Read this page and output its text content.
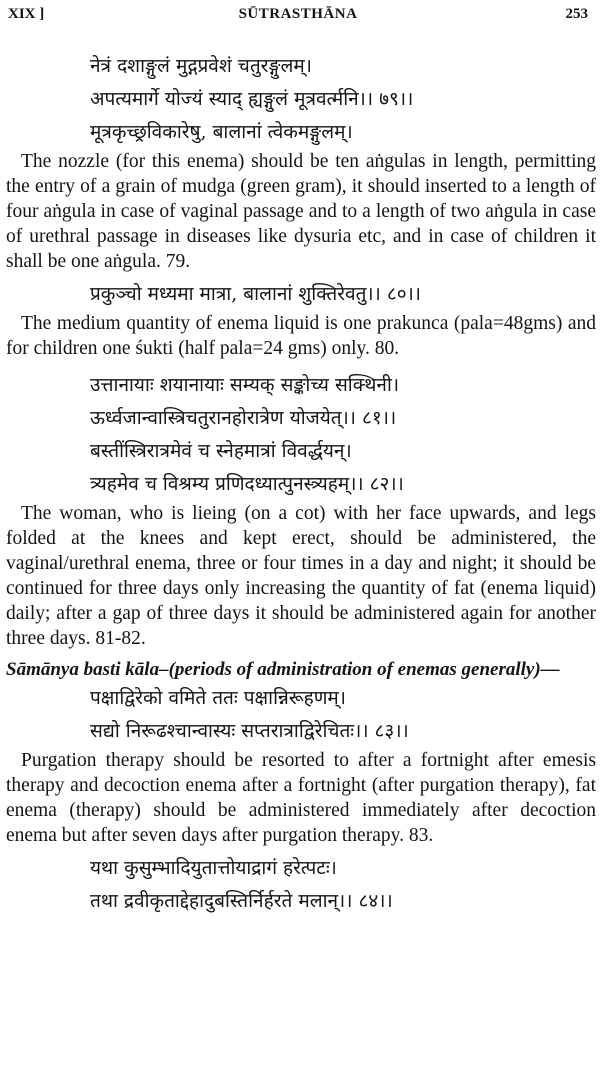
XIX ]	SŪTRASTHĀNA	253
नेत्रं दशाङ्गुलं मुद्गप्रवेशं चतुरङ्गुलम्।
अपत्यमार्गे योज्यं स्याद् ह्यङ्गुलं मूत्रवर्त्मनि।। ७९।।
मूत्रकृच्छ्रविकारेषु, बालानां त्वेकमङ्गुलम्।

The nozzle (for this enema) should be ten aṅgulas in length, permitting the entry of a grain of mudga (green gram), it should inserted to a length of four aṅgula in case of vaginal passage and to a length of two aṅgula in case of urethral passage in diseases like dysuria etc, and in case of children it shall be one aṅgula. 79.

प्रकुञ्चो मध्यमा मात्रा, बालानां शुक्तिरेवतु।। ८०।।

The medium quantity of enema liquid is one prakunca (pala=48gms) and for children one śukti (half pala=24 gms) only. 80.

उत्तानायाः शयानायाः सम्यक् सङ्कोच्य सक्थिनी।
ऊर्ध्वजान्वास्त्रिचतुरानहोरात्रेण योजयेत्।। ८१।।
बस्तींस्त्रिरात्रमेवं च स्नेहमात्रां विवर्द्धयन्।
त्र्यहमेव च विश्रम्य प्रणिदध्यात्पुनस्त्र्यहम्।। ८२।।

The woman, who is lieing (on a cot) with her face upwards, and legs folded at the knees and kept erect, should be administered, the vaginal/urethral enema, three or four times in a day and night; it should be continued for three days only increasing the quantity of fat (enema liquid) daily; after a gap of three days it should be administered again for another three days. 81-82.

Sāmānya basti kāla–(periods of administration of enemas generally)—
पक्षाद्विरेको वमिते ततः पक्षान्निरूहणम्।
सद्यो निरूढश्चान्वास्यः सप्तरात्राद्विरेचितः।। ८३।।

Purgation therapy should be resorted to after a fortnight after emesis therapy and decoction enema after a fortnight (after purgation therapy), fat enema (therapy) should be administered immediately after decoction enema but after seven days after purgation therapy. 83.

यथा कुसुम्भादियुतात्तोयाद्रागं हरेत्पटः।
तथा द्रवीकृताद्देहादुबस्तिर्निर्हरते मलान्।। ८४।।
